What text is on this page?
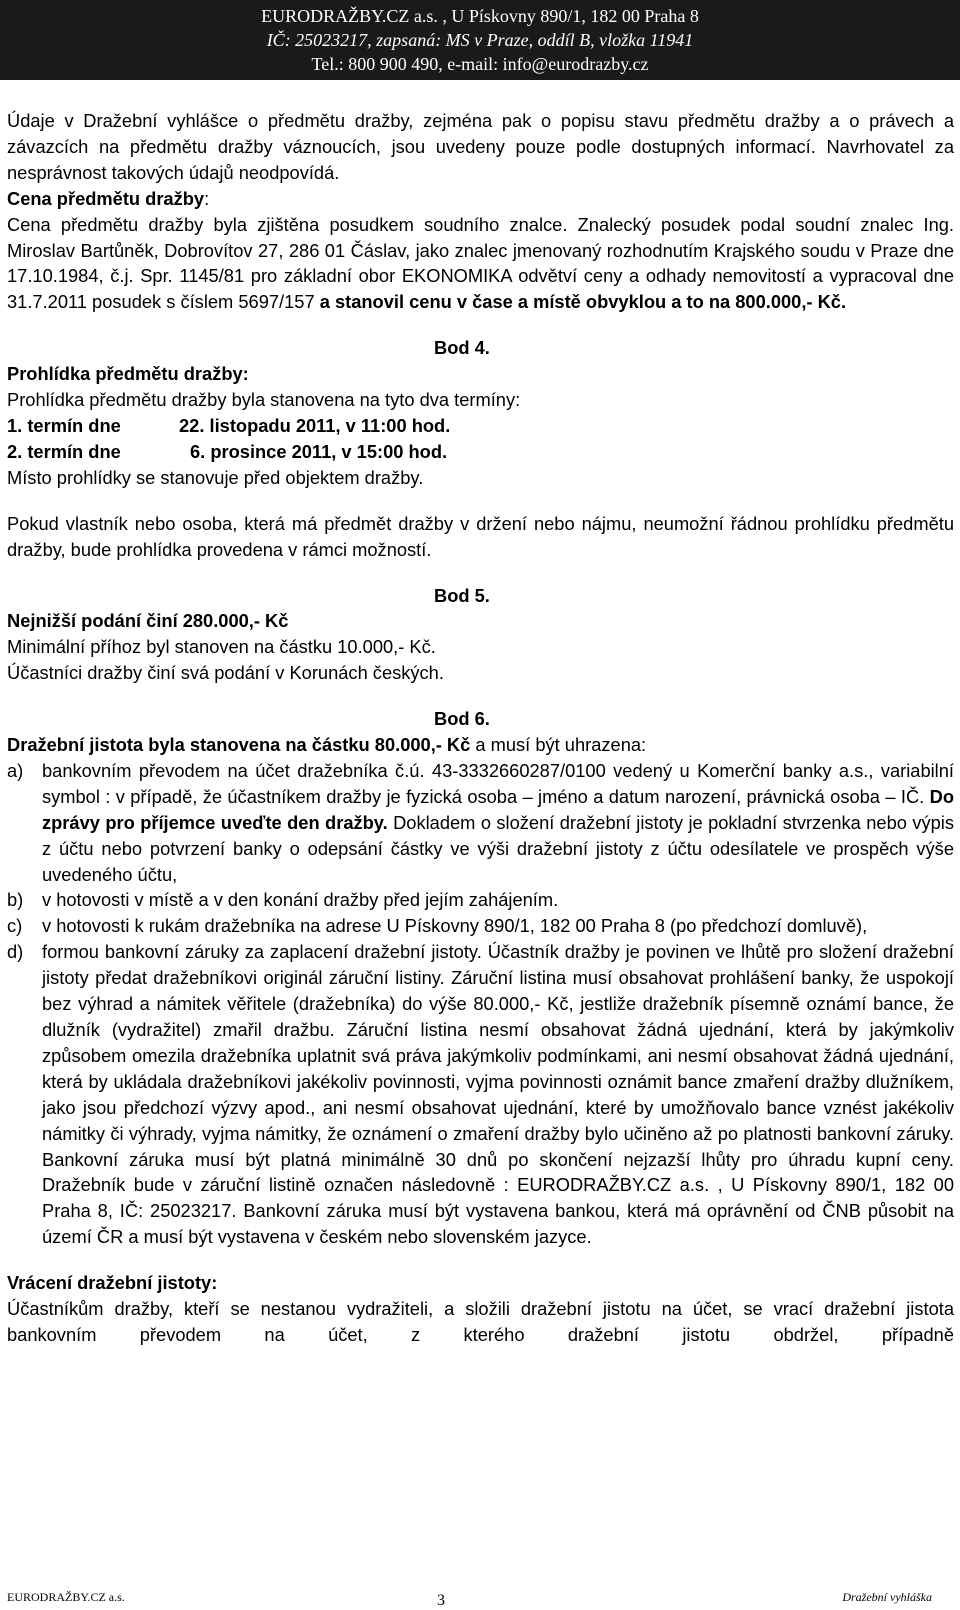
EURODRAŽBY.CZ a.s. , U Pískovny 890/1, 182 00 Praha 8
IČ: 25023217, zapsaná: MS v Praze, oddíl B, vložka 11941
Tel.: 800 900 490, e-mail: info@eurodrazby.cz

Údaje v Dražební vyhlášce o předmětu dražby, zejména pak o popisu stavu předmětu dražby a o právech a závazcích na předmětu dražby váznoucích, jsou uvedeny pouze podle dostupných informací. Navrhovatel za nesprávnost takových údajů neodpovídá.

Cena předmětu dražby:

Cena předmětu dražby byla zjištěna posudkem soudního znalce. Znalecký posudek podal soudní znalec Ing. Miroslav Bartůněk, Dobrovítov 27, 286 01 Čáslav, jako znalec jmenovaný rozhodnutím Krajského soudu v Praze dne 17.10.1984, č.j. Spr. 1145/81 pro základní obor EKONOMIKA odvětví ceny a odhady nemovitostí a vypracoval dne 31.7.2011 posudek s číslem 5697/157 a stanovil cenu v čase a místě obvyklou a to na 800.000,- Kč.

Bod 4.

Prohlídka předmětu dražby:

Prohlídka předmětu dražby byla stanovena na tyto dva termíny:

1. termín dne	22. listopadu 2011, v 11:00 hod.
2. termín dne	6. prosince 2011, v 15:00 hod.

Místo prohlídky se stanovuje před objektem dražby.

Pokud vlastník nebo osoba, která má předmět dražby v držení nebo nájmu, neumožní řádnou prohlídku předmětu dražby, bude prohlídka provedena v rámci možností.

Bod 5.

Nejnižší podání činí 280.000,- Kč

Minimální příhoz byl stanoven na částku 10.000,- Kč.

Účastníci dražby činí svá podání v Korunách českých.

Bod 6.

Dražební jistota byla stanovena na částku 80.000,- Kč a musí být uhrazena:

a)	bankovním převodem na účet dražebníka č.ú. 43-3332660287/0100 vedený u Komerční banky a.s., variabilní symbol : v případě, že účastníkem dražby je fyzická osoba – jméno a datum narození, právnická osoba – IČ. Do zprávy pro příjemce uveďte den dražby. Dokladem o složení dražební jistoty je pokladní stvrzenka nebo výpis z účtu nebo potvrzení banky o odepsání částky ve výši dražební jistoty z účtu odesílatele ve prospěch výše uvedeného účtu,
b)	v hotovosti v místě a v den konání dražby před jejím zahájením.
c)	v hotovosti k rukám dražebníka na adrese U Pískovny 890/1, 182 00 Praha 8 (po předchozí domluvě),
d)	formou bankovní záruky za zaplacení dražební jistoty. Účastník dražby je povinen ve lhůtě pro složení dražební jistoty předat dražebníkovi originál záruční listiny. Záruční listina musí obsahovat prohlášení banky, že uspokojí bez výhrad a námitek věřitele (dražebníka) do výše 80.000,- Kč, jestliže dražebník písemně oznámí bance, že dlužník (vydražitel) zmařil dražbu. Záruční listina nesmí obsahovat žádná ujednání, která by jakýmkoliv způsobem omezila dražebníka uplatnit svá práva jakýmkoliv podmínkami, ani nesmí obsahovat žádná ujednání, která by ukládala dražebníkovi jakékoliv povinnosti, vyjma povinnosti oznámit bance zmaření dražby dlužníkem, jako jsou předchozí výzvy apod., ani nesmí obsahovat ujednání, které by umožňovalo bance vznést jakékoliv námitky či výhrady, vyjma námitky, že oznámení o zmaření dražby bylo učiněno až po platnosti bankovní záruky. Bankovní záruka musí být platná minimálně 30 dnů po skončení nejzazší lhůty pro úhradu kupní ceny. Dražebník bude v záruční listině označen následovně : EURODRAŽBY.CZ a.s. , U Pískovny 890/1, 182 00 Praha 8, IČ: 25023217. Bankovní záruka musí být vystavena bankou, která má oprávnění od ČNB působit na území ČR a musí být vystavena v českém nebo slovenském jazyce.

Vrácení dražební jistoty:

Účastníkům dražby, kteří se nestanou vydražiteli, a složili dražební jistotu na účet, se vrací dražební jistota bankovním převodem na účet, z kterého dražební jistotu obdržel, případně

EURODRAŽBY.CZ a.s.	3	Dražební vyhláška
